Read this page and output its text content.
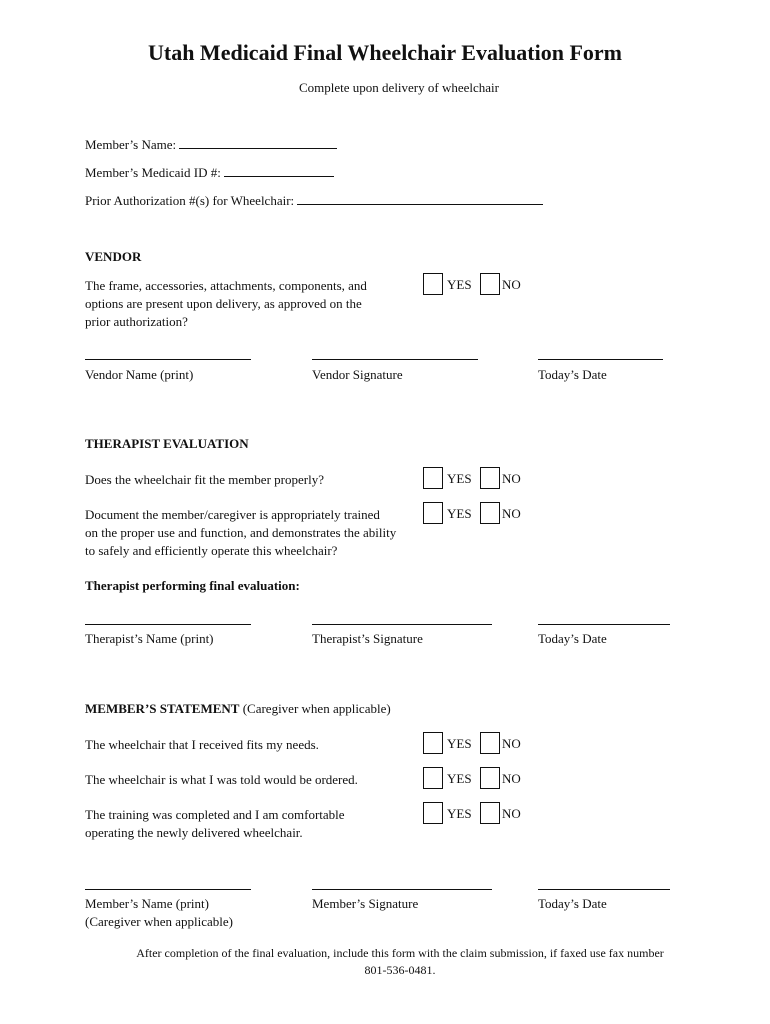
Utah Medicaid Final Wheelchair Evaluation Form
Complete upon delivery of wheelchair
Member’s Name:
Member’s Medicaid ID #:
Prior Authorization #(s) for Wheelchair:
VENDOR
The frame, accessories, attachments, components, and
options are present upon delivery, as approved on the
prior authorization?
YES NO
Vendor Name (print)	Vendor Signature	Today’s Date
THERAPIST EVALUATION
Does the wheelchair fit the member properly?	YES NO
Document the member/caregiver is appropriately trained
on the proper use and function, and demonstrates the ability
to safely and efficiently operate this wheelchair?
YES NO
Therapist performing final evaluation:
Therapist’s Name (print)	Therapist’s Signature	Today’s Date
MEMBER’S STATEMENT (Caregiver when applicable)
The wheelchair that I received fits my needs.	YES NO
The wheelchair is what I was told would be ordered.	YES NO
The training was completed and I am comfortable
operating the newly delivered wheelchair.
YES NO
Member’s Name (print)
(Caregiver when applicable)
Member’s Signature	Today’s Date
After completion of the final evaluation, include this form with the claim submission, if faxed use fax number
801-536-0481.
